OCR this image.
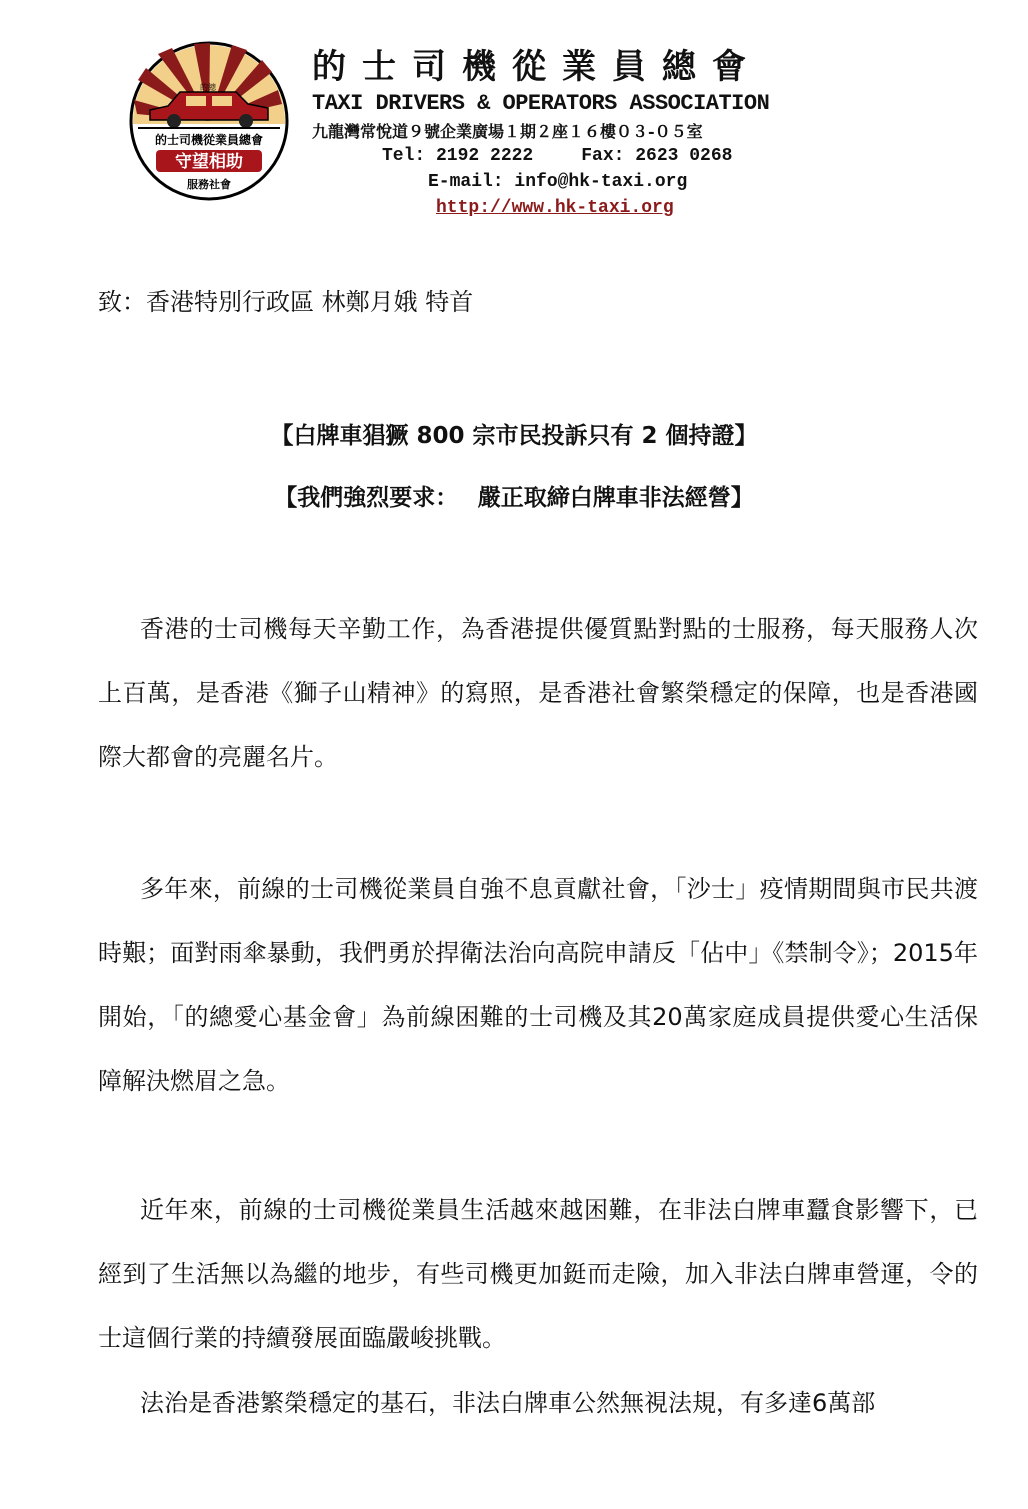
的總
的士司機從業員總會
守望相助
服務社會
的士司機從業員總會
TAXI DRIVERS & OPERATORS ASSOCIATION
九龍灣常悅道９號企業廣場１期２座１６樓０３-０５室
Tel: 2192 2222	Fax: 2623 0268
E-mail: info@hk-taxi.org
http://www.hk-taxi.org
致：香港特別行政區 林鄭月娥 特首
【白牌車猖獗 800 宗市民投訴只有 2 個持證】
【我們強烈要求：　 嚴正取締白牌車非法經營】

香港的士司機每天辛勤工作，為香港提供優質點對點的士服務，每天服務人次上百萬，是香港《獅子山精神》的寫照，是香港社會繁榮穩定的保障，也是香港國際大都會的亮麗名片。

多年來，前線的士司機從業員自強不息貢獻社會，「沙士」疫情期間與市民共渡時艱；面對雨傘暴動，我們勇於捍衛法治向高院申請反「佔中」《禁制令》；2015年開始，「的總愛心基金會」為前線困難的士司機及其20萬家庭成員提供愛心生活保障解決燃眉之急。

近年來，前線的士司機從業員生活越來越困難，在非法白牌車蠶食影響下，已經到了生活無以為繼的地步，有些司機更加鋌而走險，加入非法白牌車營運，令的士這個行業的持續發展面臨嚴峻挑戰。

法治是香港繁榮穩定的基石，非法白牌車公然無視法規，有多達6萬部
